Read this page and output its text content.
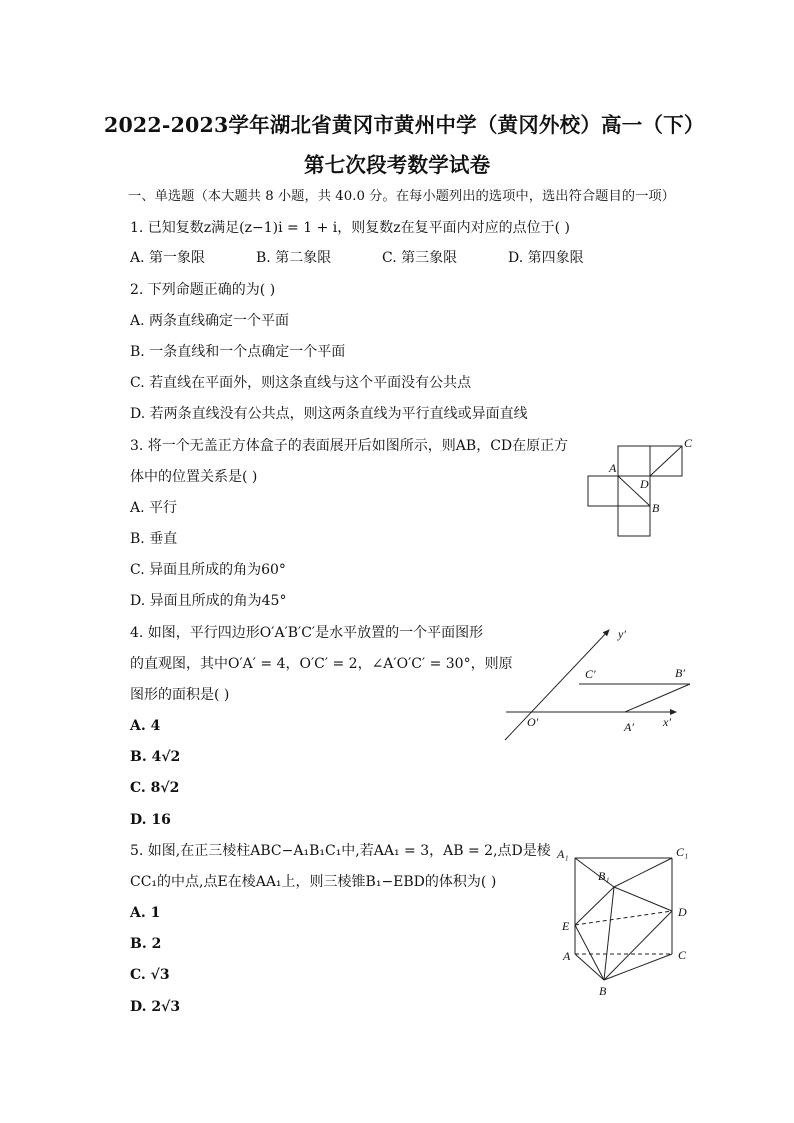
2022-2023学年湖北省黄冈市黄州中学（黄冈外校）高一（下）
第七次段考数学试卷
一、单选题（本大题共 8 小题，共 40.0 分。在每小题列出的选项中，选出符合题目的一项）
1. 已知复数z满足(z−1)i = 1 + i，则复数z在复平面内对应的点位于( )
A. 第一象限	B. 第二象限	C. 第三象限	D. 第四象限
2. 下列命题正确的为( )
A. 两条直线确定一个平面
B. 一条直线和一个点确定一个平面
C. 若直线在平面外，则这条直线与这个平面没有公共点
D. 若两条直线没有公共点，则这两条直线为平行直线或异面直线
3. 将一个无盖正方体盒子的表面展开后如图所示，则AB，CD在原正方
体中的位置关系是( )
A. 平行
B. 垂直
C. 异面且所成的角为60°
D. 异面且所成的角为45°
C
A
D
B
4. 如图，平行四边形O′A′B′C′是水平放置的一个平面图形
的直观图，其中O′A′ = 4，O′C′ = 2，∠A′O′C′ = 30°，则原
图形的面积是( )
A. 4
B. 4√2
C. 8√2
D. 16
O′	A′
B′
C′
x′
y′
5. 如图,在正三棱柱ABC−A₁B₁C₁中,若AA₁ = 3，AB = 2,点D是棱
CC₁的中点,点E在棱AA₁上，则三棱锥B₁−EBD的体积为( )
A. 1
B. 2
C. √3
D. 2√3
A₁	C₁
B₁
D
E
A	C
B
